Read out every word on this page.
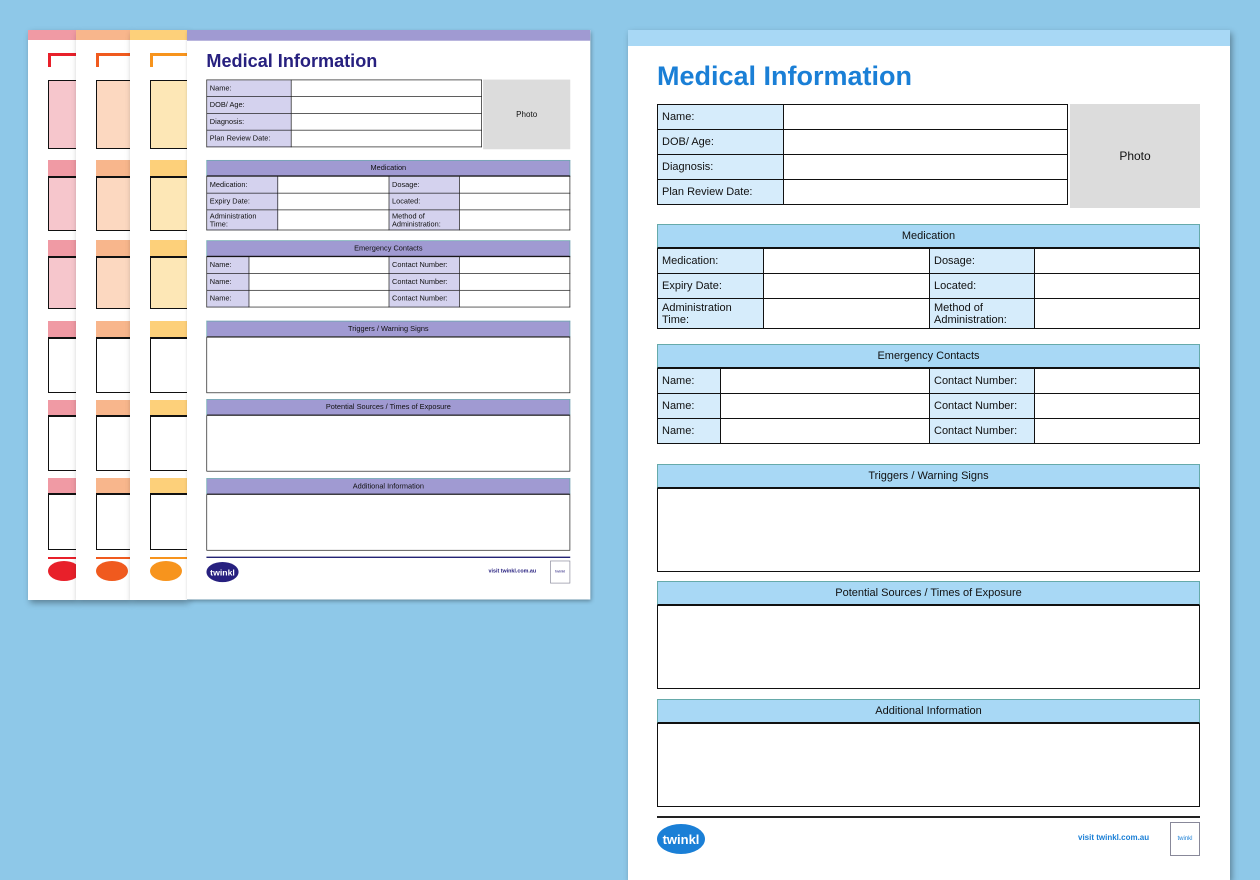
Medical Information
Name:	
DOB/ Age:	
Diagnosis:	
Plan Review Date:	
Photo
Medication
Medication:		Dosage:	
Expiry Date:		Located:	
Administration Time:		Method of Administration:	
Emergency Contacts
Name:		Contact Number:	
Name:		Contact Number:	
Name:		Contact Number:	
Triggers / Warning Signs
Potential Sources / Times of Exposure
Additional Information
twinkl	visit twinkl.com.au	twinkl
Medical Information
Name:	
DOB/ Age:	
Diagnosis:	
Plan Review Date:	
Photo
Medication
Medication:		Dosage:	
Expiry Date:		Located:	
Administration Time:		Method of Administration:	
Emergency Contacts
Name:		Contact Number:	
Name:		Contact Number:	
Name:		Contact Number:	
Triggers / Warning Signs
Potential Sources / Times of Exposure
Additional Information
twinkl	visit twinkl.com.au	twinkl
